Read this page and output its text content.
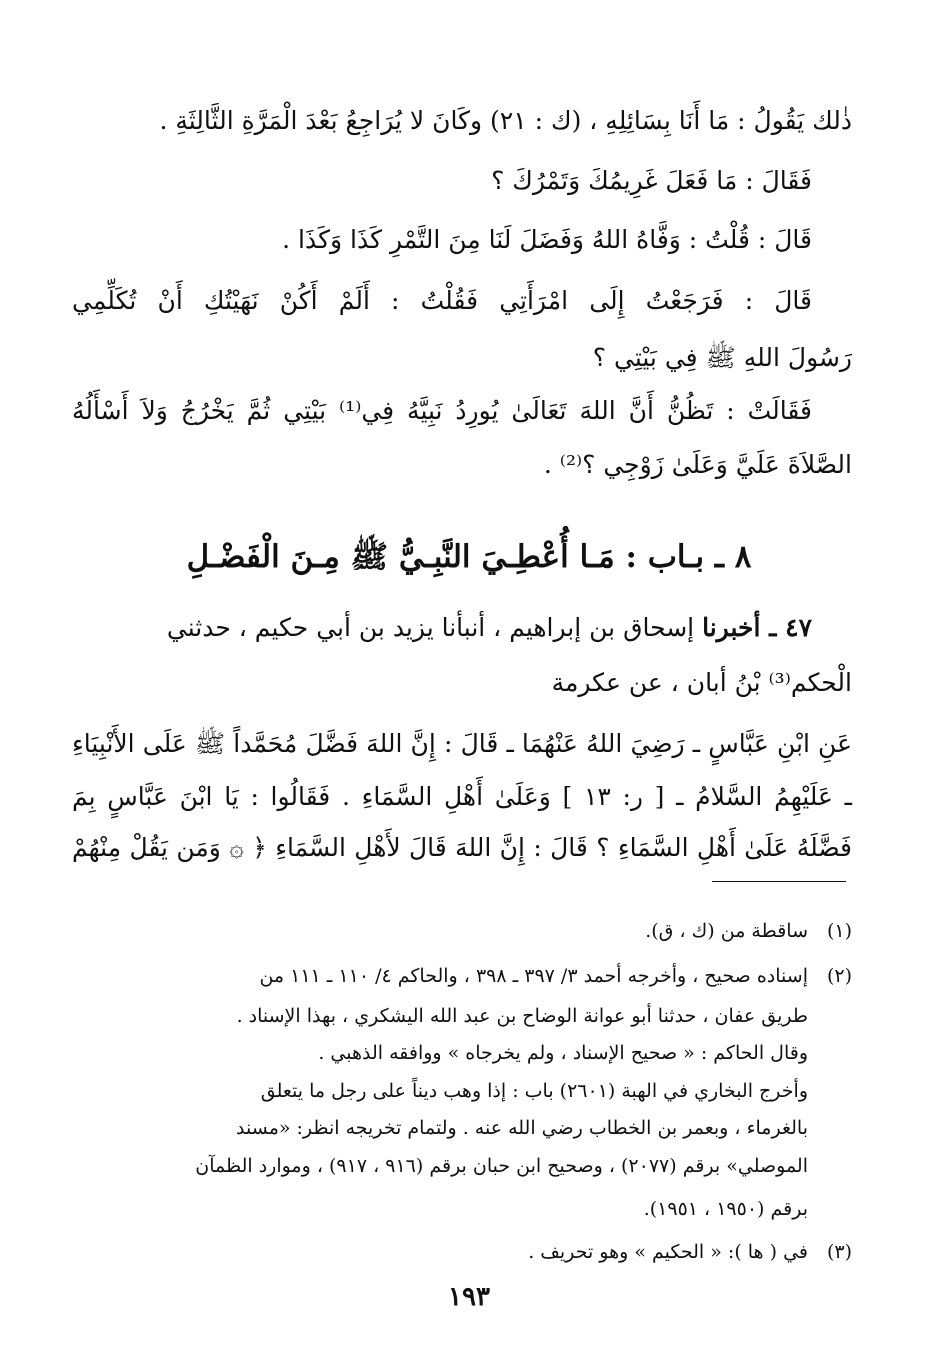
ذٰلك يَقُولُ : مَا أَنَا بِسَائِلِهِ ، (ك : ٢١) وكَانَ لا يُرَاجِعُ بَعْدَ الْمَرَّةِ الثَّالِثَةِ .
فَقَالَ : مَا فَعَلَ غَرِيمُكَ وَتَمْرُكَ ؟
قَالَ : قُلْتُ : وَفَّاهُ اللهُ وَفَضَلَ لَنَا مِنَ التَّمْرِ كَذَا وَكَذَا .
قَالَ : فَرَجَعْتُ إِلَى امْرَأَتِي فَقُلْتُ : أَلَمْ أَكُنْ نَهَيْتُكِ أَنْ تُكَلِّمِي
رَسُولَ اللهِ ﷺ فِي بَيْتِي ؟
فَقَالَتْ : تَظُنُّ أَنَّ اللهَ تَعَالَىٰ يُورِدُ نَبِيَّهُ فِي⁽¹⁾ بَيْتِي ثُمَّ يَخْرُجُ وَلاَ أَسْأَلُهُ
الصَّلاَةَ عَلَيَّ وَعَلَىٰ زَوْجِي ؟⁽²⁾ .
٨ ـ بـاب : مَـا أُعْطِـيَ النَّبِـيُّ ﷺ مِـنَ الْفَضْـلِ
٤٧ ـ أخبرنا إسحاق بن إبراهيم ، أنبأنا يزيد بن أبي حكيم ، حدثني
الْحكم⁽³⁾ بْنُ أبان ، عن عكرمة
عَنِ ابْنِ عَبَّاسٍ ـ رَضِيَ اللهُ عَنْهُمَا ـ قَالَ : إِنَّ اللهَ فَضَّلَ مُحَمَّداً ﷺ عَلَى الأَنْبِيَاءِ
ـ عَلَيْهِمُ السَّلامُ ـ [ ر: ١٣ ] وَعَلَىٰ أَهْلِ السَّمَاءِ . فَقَالُوا : يَا ابْنَ عَبَّاسٍ بِمَ
فَضَّلَهُ عَلَىٰ أَهْلِ السَّمَاءِ ؟ قَالَ : إِنَّ اللهَ قَالَ لأَهْلِ السَّمَاءِ ﴿ ۞ وَمَن يَقُلْ مِنْهُمْ
(١)ساقطة من (ك ، ق).
(٢)إسناده صحيح ، وأخرجه أحمد ٣/ ٣٩٧ ـ ٣٩٨ ، والحاكم ٤/ ١١٠ ـ ١١١ من
طريق عفان ، حدثنا أبو عوانة الوضاح بن عبد الله اليشكري ، بهذا الإسناد .
وقال الحاكم : « صحيح الإسناد ، ولم يخرجاه » ووافقه الذهبي .
وأخرج البخاري في الهبة (٢٦٠١) باب : إذا وهب ديناً على رجل ما يتعلق
بالغرماء ، وبعمر بن الخطاب رضي الله عنه . ولتمام تخريجه انظر: «مسند
الموصلي» برقم (٢٠٧٧) ، وصحيح ابن حبان برقم (٩١٦ ، ٩١٧) ، وموارد الظمآن
برقم (١٩٥٠ ، ١٩٥١).
(٣)في ( ها ): « الحكيم » وهو تحريف .
١٩٣
